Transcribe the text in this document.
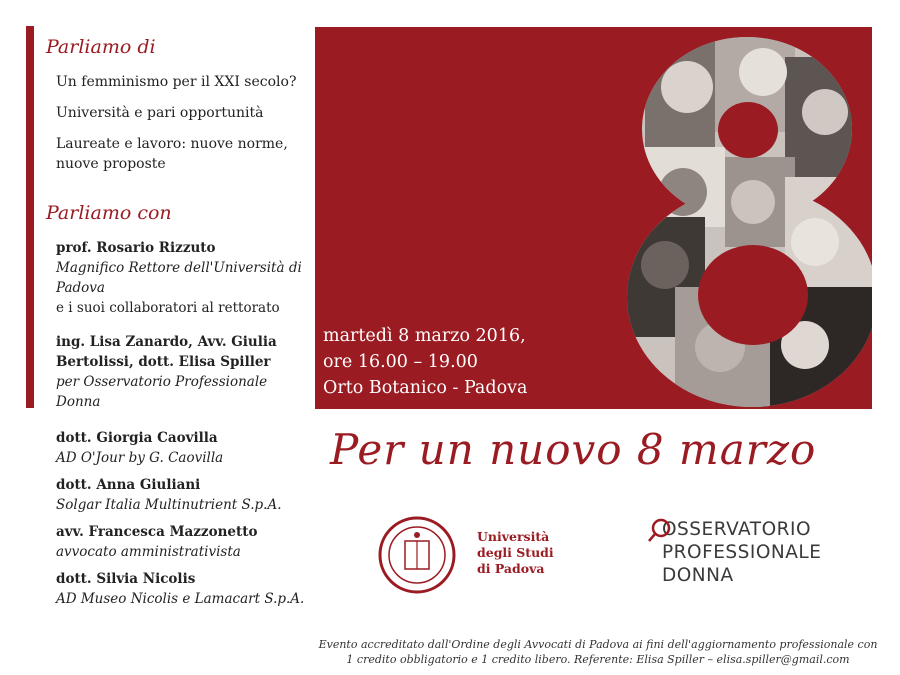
Parliamo di
Un femminismo per il XXI secolo?
Università e pari opportunità
Laureate e lavoro: nuove norme, nuove proposte
Parliamo con
prof. Rosario Rizzuto
Magnifico Rettore dell'Università di Padova
e i suoi collaboratori al rettorato
ing. Lisa Zanardo, Avv. Giulia Bertolissi, dott. Elisa Spiller
per Osservatorio Professionale Donna
dott. Giorgia Caovilla
AD O'Jour by G. Caovilla
dott. Anna Giuliani
Solgar Italia Multinutrient S.p.A.
avv. Francesca Mazzonetto
avvocato amministrativista
dott. Silvia Nicolis
AD Museo Nicolis e Lamacart S.p.A.
martedì 8 marzo 2016,
ore 16.00 – 19.00
Orto Botanico - Padova
Per un nuovo 8 marzo
Università
degli Studi
di Padova
OSSERVATORIO
PROFESSIONALE
DONNA
Evento accreditato dall'Ordine degli Avvocati di Padova ai fini dell'aggiornamento professionale con 1 credito obbligatorio e 1 credito libero. Referente: Elisa Spiller – elisa.spiller@gmail.com
